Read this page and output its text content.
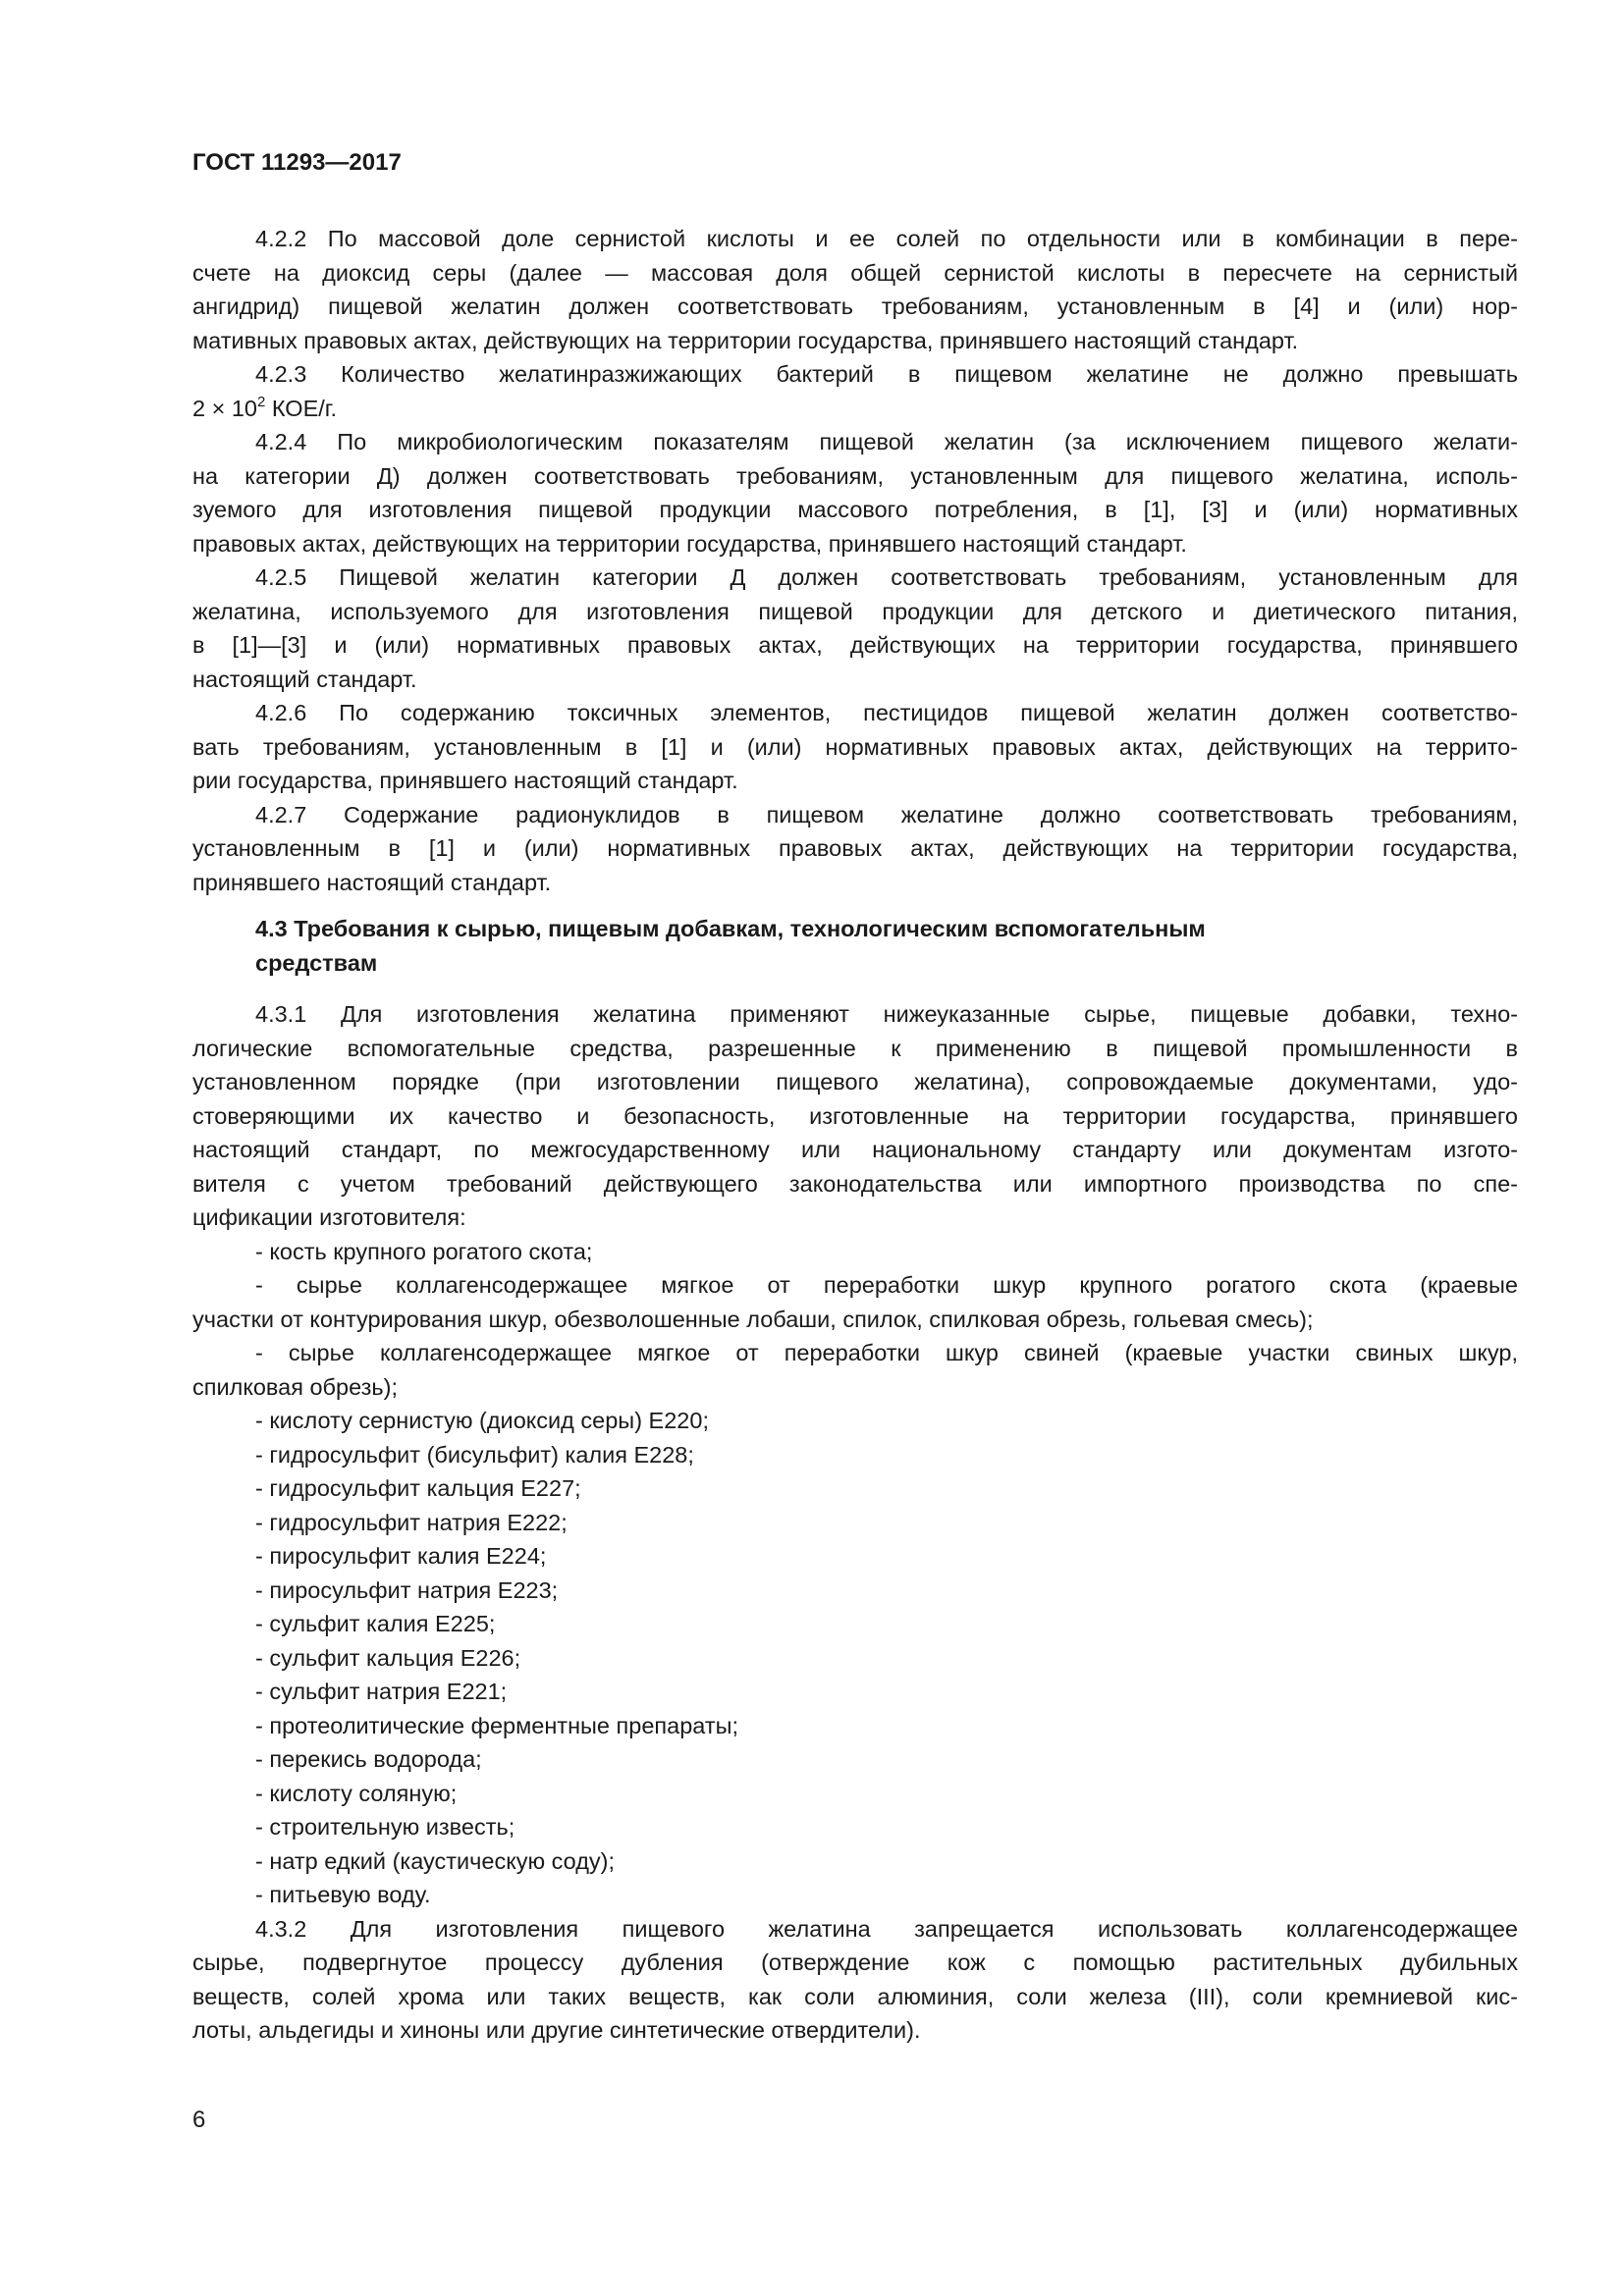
ГОСТ 11293—2017
4.2.2 По массовой доле сернистой кислоты и ее солей по отдельности или в комбинации в пере-
счете на диоксид серы (далее — массовая доля общей сернистой кислоты в пересчете на сернистый
ангидрид) пищевой желатин должен соответствовать требованиям, установленным в [4] и (или) нор-
мативных правовых актах, действующих на территории государства, принявшего настоящий стандарт.
4.2.3 Количество желатинразжижающих бактерий в пищевом желатине не должно превышать
$2 \times 10^2$ КОЕ/г.
4.2.4 По микробиологическим показателям пищевой желатин (за исключением пищевого желати-
на категории Д) должен соответствовать требованиям, установленным для пищевого желатина, исполь-
зуемого для изготовления пищевой продукции массового потребления, в [1], [3] и (или) нормативных
правовых актах, действующих на территории государства, принявшего настоящий стандарт.
4.2.5 Пищевой желатин категории Д должен соответствовать требованиям, установленным для
желатина, используемого для изготовления пищевой продукции для детского и диетического питания,
в [1]—[3] и (или) нормативных правовых актах, действующих на территории государства, принявшего
настоящий стандарт.
4.2.6 По содержанию токсичных элементов, пестицидов пищевой желатин должен соответство-
вать требованиям, установленным в [1] и (или) нормативных правовых актах, действующих на террито-
рии государства, принявшего настоящий стандарт.
4.2.7 Содержание радионуклидов в пищевом желатине должно соответствовать требованиям,
установленным в [1] и (или) нормативных правовых актах, действующих на территории государства,
принявшего настоящий стандарт.
4.3 Требования к сырью, пищевым добавкам, технологическим вспомогательным
средствам
4.3.1 Для изготовления желатина применяют нижеуказанные сырье, пищевые добавки, техно-
логические вспомогательные средства, разрешенные к применению в пищевой промышленности в
установленном порядке (при изготовлении пищевого желатина), сопровождаемые документами, удо-
стоверяющими их качество и безопасность, изготовленные на территории государства, принявшего
настоящий стандарт, по межгосударственному или национальному стандарту или документам изгото-
вителя с учетом требований действующего законодательства или импортного производства по спе-
цификации изготовителя:
- кость крупного рогатого скота;
- сырье коллагенсодержащее мягкое от переработки шкур крупного рогатого скота (краевые
участки от контурирования шкур, обезволошенные лобаши, спилок, спилковая обрезь, гольевая смесь);
- сырье коллагенсодержащее мягкое от переработки шкур свиней (краевые участки свиных шкур,
спилковая обрезь);
- кислоту сернистую (диоксид серы) Е220;
- гидросульфит (бисульфит) калия Е228;
- гидросульфит кальция Е227;
- гидросульфит натрия Е222;
- пиросульфит калия Е224;
- пиросульфит натрия Е223;
- сульфит калия Е225;
- сульфит кальция Е226;
- сульфит натрия Е221;
- протеолитические ферментные препараты;
- перекись водорода;
- кислоту соляную;
- строительную известь;
- натр едкий (каустическую соду);
- питьевую воду.
4.3.2 Для изготовления пищевого желатина запрещается использовать коллагенсодержащее
сырье, подвергнутое процессу дубления (отверждение кож с помощью растительных дубильных
веществ, солей хрома или таких веществ, как соли алюминия, соли железа (III), соли кремниевой кис-
лоты, альдегиды и хиноны или другие синтетические отвердители).
6
